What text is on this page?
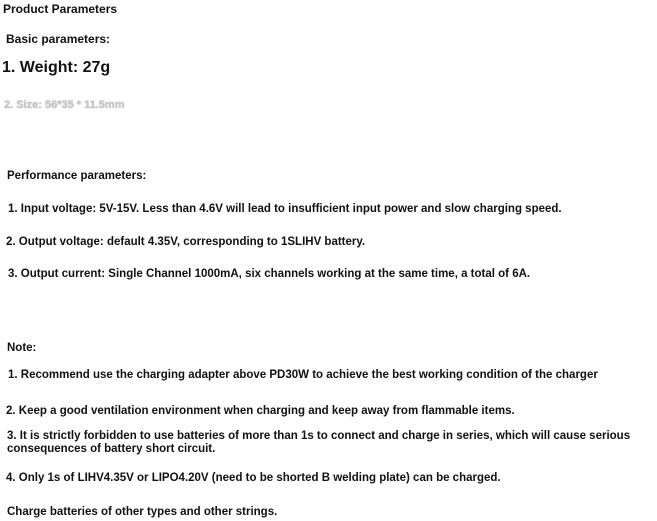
Product Parameters
Basic parameters:
1. Weight: 27g
2. Size: 56*35 * 11.5mm
Performance parameters:
1. Input voltage: 5V-15V. Less than 4.6V will lead to insufficient input power and slow charging speed.
2. Output voltage: default 4.35V, corresponding to 1SLIHV battery.
3. Output current: Single Channel 1000mA, six channels working at the same time, a total of 6A.
Note:
1. Recommend use the charging adapter above PD30W to achieve the best working condition of the charger
2. Keep a good ventilation environment when charging and keep away from flammable items.
3. It is strictly forbidden to use batteries of more than 1s to connect and charge in series, which will cause serious consequences of battery short circuit.
4. Only 1s of LIHV4.35V or LIPO4.20V (need to be shorted B welding plate) can be charged.
Charge batteries of other types and other strings.
